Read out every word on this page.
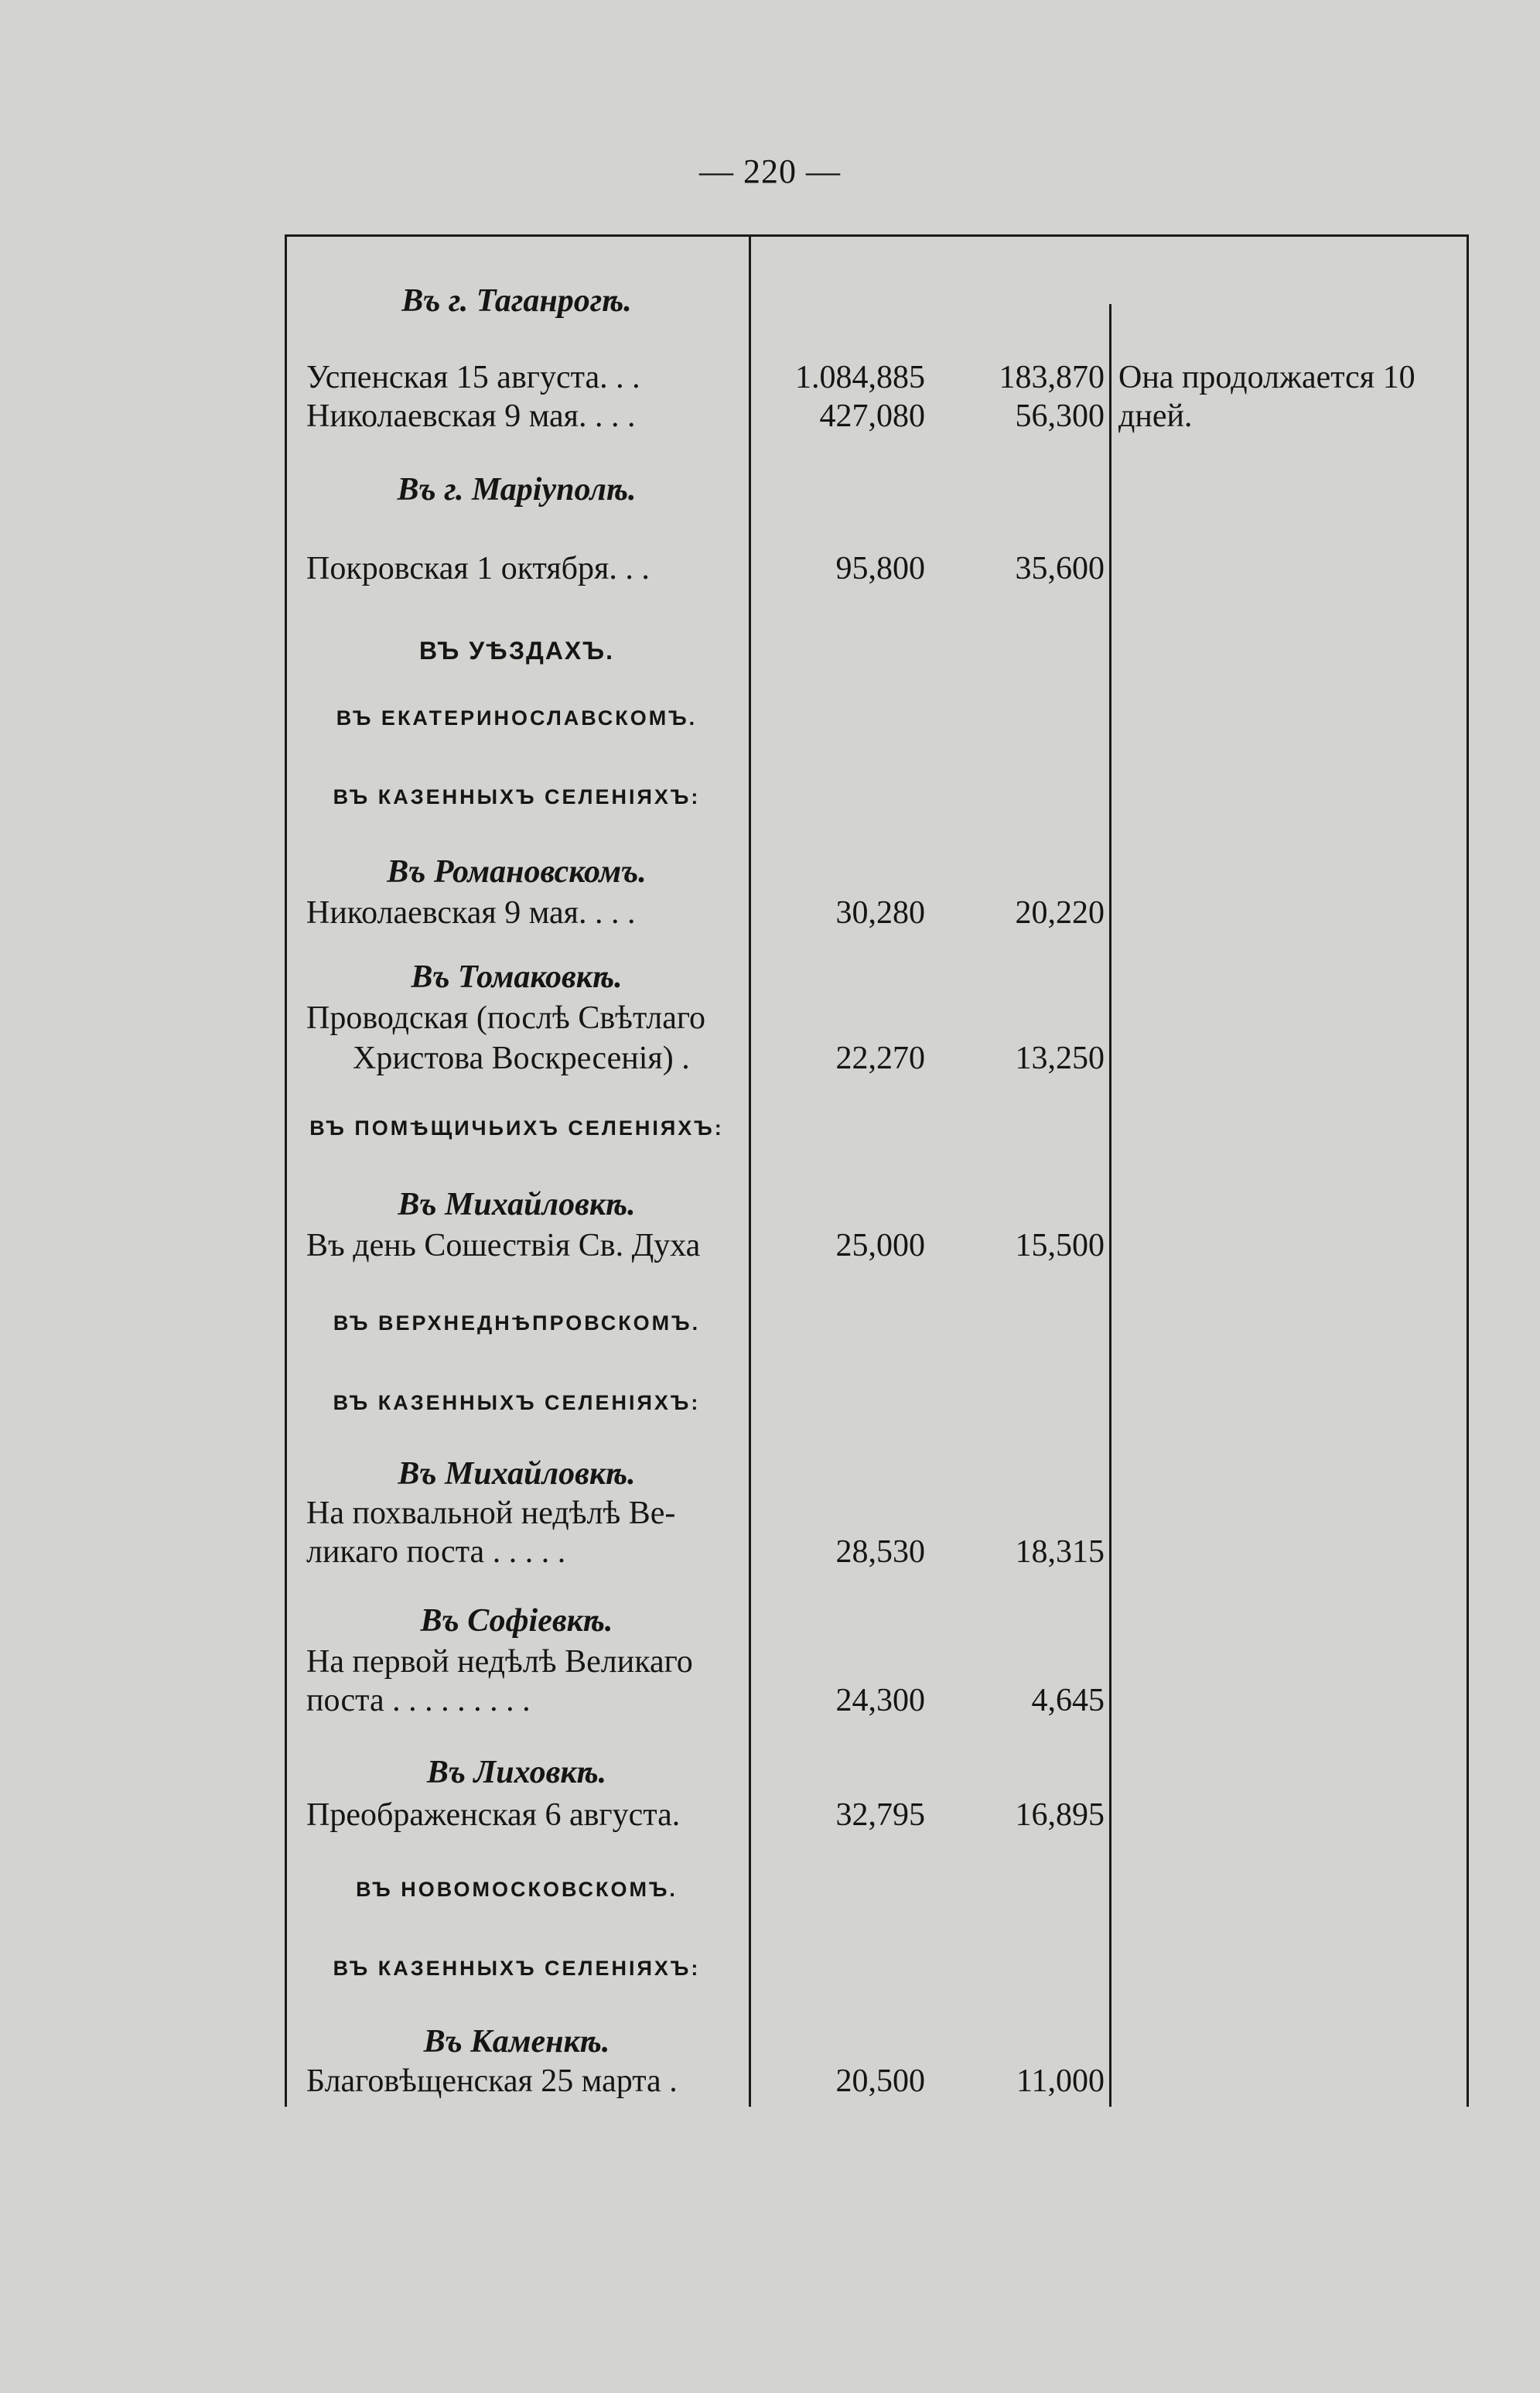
— 220 —
Въ г. Таганрогѣ.
Успенская 15 августа. . .	1.084,885	183,870 Она продолжается 10 дней.
Николаевская 9 мая. . . .	427,080	56,300
Въ г. Маріуполѣ.
Покровская 1 октября. . .	95,800	35,600
ВЪ УѢЗДАХЪ.
ВЪ ЕКАТЕРИНОСЛАВСКОМЪ.
ВЪ КАЗЕННЫХЪ СЕЛЕНІЯХЪ:
Въ Романовскомъ.
Николаевская 9 мая. . . .	30,280	20,220
Въ Томаковкѣ.
Проводская (послѣ Свѣтлаго
Христова Воскресенія) .	22,270	13,250
ВЪ ПОМѢЩИЧЬИХЪ СЕЛЕНІЯХЪ:
Въ Михайловкѣ.
Въ день Сошествія Св. Духа	25,000	15,500
ВЪ ВЕРХНЕДНѢПРОВСКОМЪ.
ВЪ КАЗЕННЫХЪ СЕЛЕНІЯХЪ:
Въ Михайловкѣ.
На похвальной недѣлѣ Ве-
ликаго поста . . . . .	28,530	18,315
Въ Софіевкѣ.
На первой недѣлѣ Великаго
поста . . . . . . . . .	24,300	4,645
Въ Лиховкѣ.
Преображенская 6 августа.	32,795	16,895
ВЪ НОВОМОСКОВСКОМЪ.
ВЪ КАЗЕННЫХЪ СЕЛЕНІЯХЪ:
Въ Каменкѣ.
Благовѣщенская 25 марта .	20,500	11,000
